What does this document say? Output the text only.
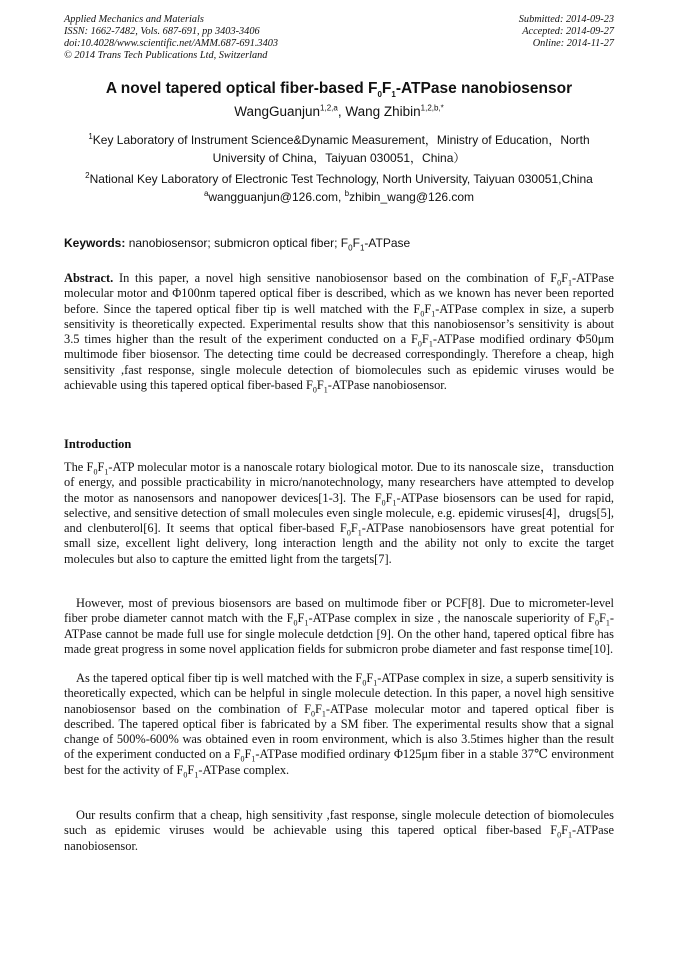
Applied Mechanics and Materials
ISSN: 1662-7482, Vols. 687-691, pp 3403-3406
doi:10.4028/www.scientific.net/AMM.687-691.3403
© 2014 Trans Tech Publications Ltd, Switzerland
Submitted: 2014-09-23
Accepted: 2014-09-27
Online: 2014-11-27
A novel tapered optical fiber-based $F_0F_1$-ATPase nanobiosensor
WangGuanjun$^{1,2,a}$, Wang Zhibin$^{1,2,b,*}$
$^1$Key Laboratory of Instrument Science&Dynamic Measurement，Ministry of Education，North University of China，Taiyuan 030051，China）
$^2$National Key Laboratory of Electronic Test Technology, North University, Taiyuan 030051,China
$^a$wangguanjun@126.com, $^b$zhibin_wang@126.com
Keywords: nanobiosensor; submicron optical fiber; $F_0F_1$-ATPase
Abstract. In this paper, a novel high sensitive nanobiosensor based on the combination of $F_0F_1$-ATPase molecular motor and Φ100nm tapered optical fiber is described, which as we known has never been reported before. Since the tapered optical fiber tip is well matched with the $F_0F_1$-ATPase complex in size, a superb sensitivity is theoretically expected. Experimental results show that this nanobiosensor’s sensitivity is about 3.5 times higher than the result of the experiment conducted on a $F_0F_1$-ATPase modified ordinary Φ50μm multimode fiber biosensor. The detecting time could be decreased correspondingly. Therefore a cheap, high sensitivity ,fast response, single molecule detection of biomolecules such as epidemic viruses would be achievable using this tapered optical fiber-based $F_0F_1$-ATPase nanobiosensor.
Introduction
The $F_0F_1$-ATP molecular motor is a nanoscale rotary biological motor. Due to its nanoscale size，transduction of energy, and possible practicability in micro/nanotechnology, many researchers have attempted to develop the motor as nanosensors and nanopower devices[1-3]. The $F_0F_1$-ATPase biosensors can be used for rapid, selective, and sensitive detection of small molecules even single molecule, e.g. epidemic viruses[4]，drugs[5], and clenbuterol[6]. It seems that optical fiber-based $F_0F_1$-ATPase nanobiosensors have great potential for small size, excellent light delivery, long interaction length and the ability not only to excite the target molecules but also to capture the emitted light from the targets[7].
However, most of previous biosensors are based on multimode fiber or PCF[8]. Due to micrometer-level fiber probe diameter cannot match with the $F_0F_1$-ATPase complex in size , the nanoscale superiority of $F_0F_1$-ATPase cannot be made full use for single molecule detdction [9]. On the other hand, tapered optical fibre has made great progress in some novel application fields for submicron probe diameter and fast response time[10].
As the tapered optical fiber tip is well matched with the $F_0F_1$-ATPase complex in size, a superb sensitivity is theoretically expected, which can be helpful in single molecule detection. In this paper, a novel high sensitive nanobiosensor based on the combination of $F_0F_1$-ATPase molecular motor and tapered optical fiber is described. The tapered optical fiber is fabricated by a SM fiber. The experimental results show that a signal change of 500%-600% was obtained even in room environment, which is also 3.5times higher than the result of the experiment conducted on a $F_0F_1$-ATPase modified ordinary Φ125μm fiber in a stable 37℃ environment best for the activity of $F_0F_1$-ATPase complex.
Our results confirm that a cheap, high sensitivity ,fast response, single molecule detection of biomolecules such as epidemic viruses would be achievable using this tapered optical fiber-based $F_0F_1$-ATPase nanobiosensor.
